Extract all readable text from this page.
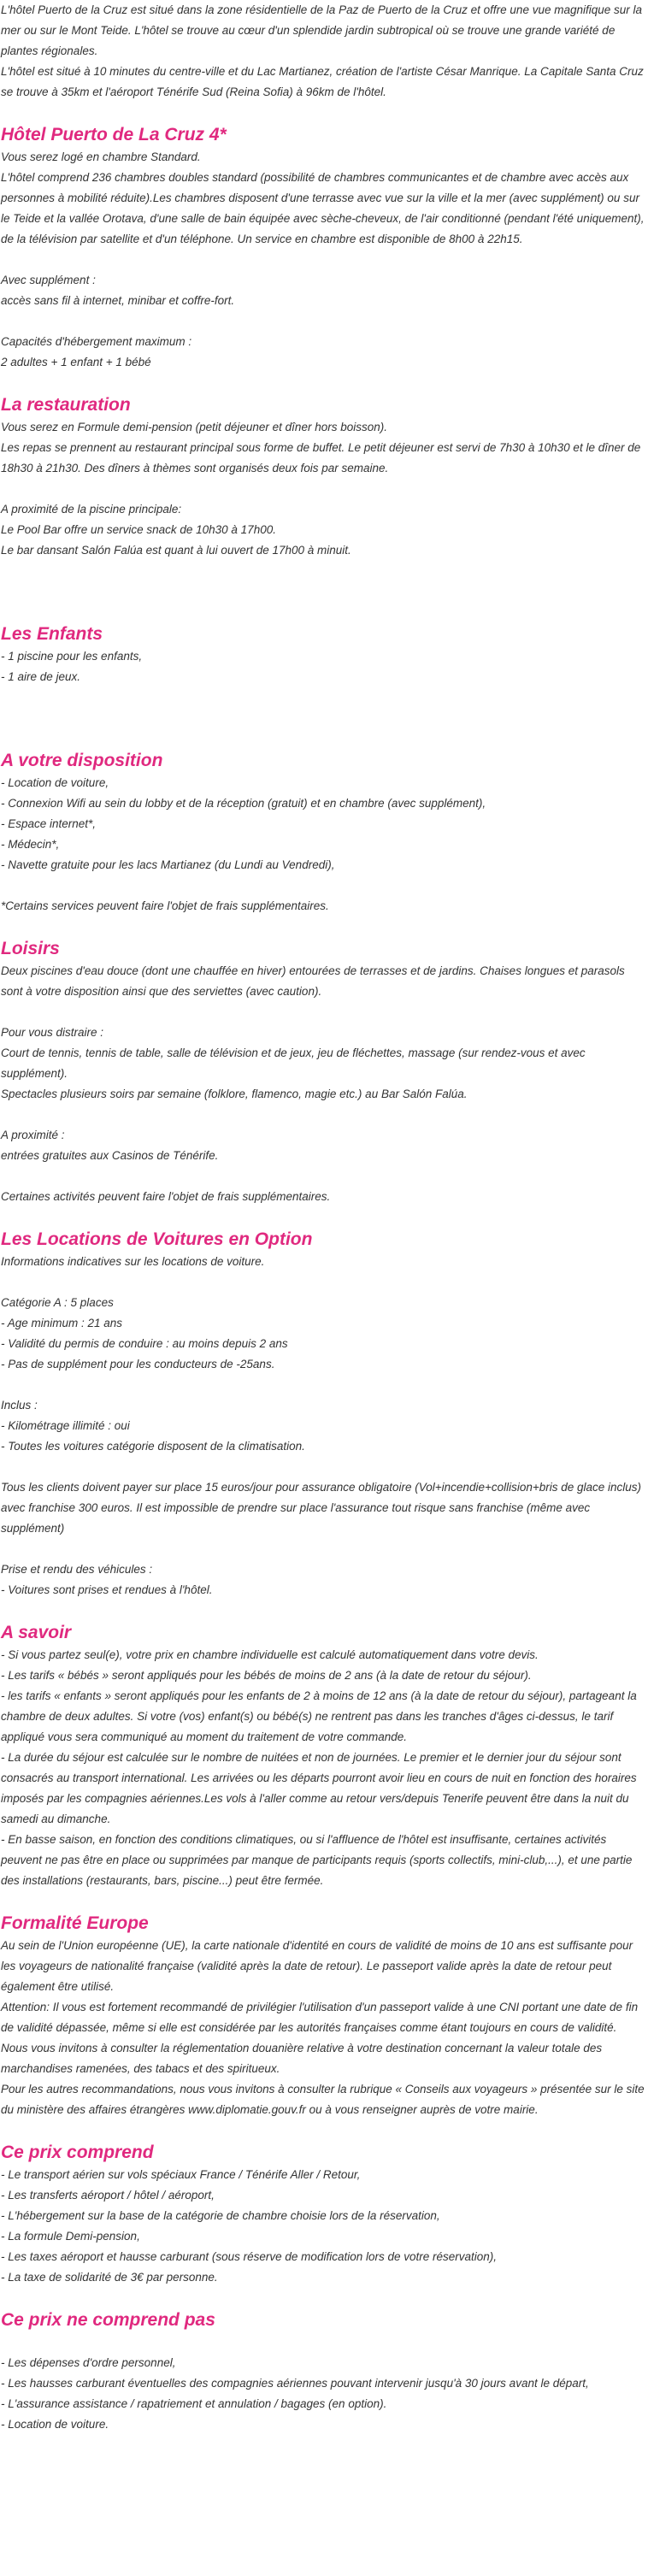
L'hôtel Puerto de la Cruz est situé dans la zone résidentielle de la Paz de Puerto de la Cruz et offre une vue magnifique sur la mer ou sur le Mont Teide. L'hôtel se trouve au cœur d'un splendide jardin subtropical où se trouve une grande variété de plantes régionales.
L'hôtel est situé à 10 minutes du centre-ville et du Lac Martianez, création de l'artiste César Manrique. La Capitale Santa Cruz se trouve à 35km et l'aéroport Ténérife Sud (Reina Sofia) à 96km de l'hôtel.

Hôtel Puerto de La Cruz 4*

Vous serez logé en chambre Standard.
L'hôtel comprend 236 chambres doubles standard (possibilité de chambres communicantes et de chambre avec accès aux personnes à mobilité réduite).Les chambres disposent d'une terrasse avec vue sur la ville et la mer (avec supplément) ou sur le Teide et la vallée Orotava, d'une salle de bain équipée avec sèche-cheveux, de l'air conditionné (pendant l'été uniquement), de la télévision par satellite et d'un téléphone. Un service en chambre est disponible de 8h00 à 22h15.

Avec supplément :
accès sans fil à internet, minibar et coffre-fort.

Capacités d'hébergement maximum :
2 adultes + 1 enfant + 1 bébé

La restauration

Vous serez en Formule demi-pension (petit déjeuner et dîner hors boisson).
Les repas se prennent au restaurant principal sous forme de buffet. Le petit déjeuner est servi de 7h30 à 10h30 et le dîner de 18h30 à 21h30. Des dîners à thèmes sont organisés deux fois par semaine.

A proximité de la piscine principale:
Le Pool Bar offre un service snack de 10h30 à 17h00.
Le bar dansant Salón Falúa est quant à lui ouvert de 17h00 à minuit.

Les Enfants

- 1 piscine pour les enfants,
- 1 aire de jeux.

A votre disposition

- Location de voiture,
- Connexion Wifi au sein du lobby et de la réception (gratuit) et en chambre (avec supplément),
- Espace internet*,
- Médecin*,
- Navette gratuite pour les lacs Martianez (du Lundi au Vendredi),

*Certains services peuvent faire l'objet de frais supplémentaires.

Loisirs

Deux piscines d'eau douce (dont une chauffée en hiver) entourées de terrasses et de jardins. Chaises longues et parasols sont à votre disposition ainsi que des serviettes (avec caution).

Pour vous distraire :
Court de tennis, tennis de table, salle de télévision et de jeux, jeu de fléchettes, massage (sur rendez-vous et avec supplément).
Spectacles plusieurs soirs par semaine (folklore, flamenco, magie etc.) au Bar Salón Falúa.

A proximité :
entrées gratuites aux Casinos de Ténérife.

Certaines activités peuvent faire l'objet de frais supplémentaires.

Les Locations de Voitures en Option

Informations indicatives sur les locations de voiture.

Catégorie A : 5 places
- Age minimum : 21 ans
- Validité du permis de conduire : au moins depuis 2 ans
- Pas de supplément pour les conducteurs de -25ans.

Inclus :
- Kilométrage illimité : oui
- Toutes les voitures catégorie disposent de la climatisation.

Tous les clients doivent payer sur place 15 euros/jour pour assurance obligatoire (Vol+incendie+collision+bris de glace inclus) avec franchise 300 euros. Il est impossible de prendre sur place l'assurance tout risque sans franchise (même avec supplément)

Prise et rendu des véhicules :
- Voitures sont prises et rendues à l'hôtel.

A savoir

- Si vous partez seul(e), votre prix en chambre individuelle est calculé automatiquement dans votre devis.
- Les tarifs « bébés » seront appliqués pour les bébés de moins de 2 ans (à la date de retour du séjour).
- les tarifs « enfants » seront appliqués pour les enfants de 2 à moins de 12 ans (à la date de retour du séjour), partageant la chambre de deux adultes. Si votre (vos) enfant(s) ou bébé(s) ne rentrent pas dans les tranches d'âges ci-dessus, le tarif appliqué vous sera communiqué au moment du traitement de votre commande.
- La durée du séjour est calculée sur le nombre de nuitées et non de journées. Le premier et le dernier jour du séjour sont consacrés au transport international. Les arrivées ou les départs pourront avoir lieu en cours de nuit en fonction des horaires imposés par les compagnies aériennes.Les vols à l'aller comme au retour vers/depuis Tenerife peuvent être dans la nuit du samedi au dimanche.
- En basse saison, en fonction des conditions climatiques, ou si l'affluence de l'hôtel est insuffisante, certaines activités peuvent ne pas être en place ou supprimées par manque de participants requis (sports collectifs, mini-club,...), et une partie des installations (restaurants, bars, piscine...) peut être fermée.

Formalité Europe

Au sein de l'Union européenne (UE), la carte nationale d'identité en cours de validité de moins de 10 ans est suffisante pour les voyageurs de nationalité française (validité après la date de retour). Le passeport valide après la date de retour peut également être utilisé.
Attention: Il vous est fortement recommandé de privilégier l'utilisation d'un passeport valide à une CNI portant une date de fin de validité dépassée, même si elle est considérée par les autorités françaises comme étant toujours en cours de validité.
Nous vous invitons à consulter la réglementation douanière relative à votre destination concernant la valeur totale des marchandises ramenées, des tabacs et des spiritueux.
Pour les autres recommandations, nous vous invitons à consulter la rubrique « Conseils aux voyageurs » présentée sur le site du ministère des affaires étrangères www.diplomatie.gouv.fr ou à vous renseigner auprès de votre mairie.

Ce prix comprend

- Le transport aérien sur vols spéciaux France / Ténérife Aller / Retour,
- Les transferts aéroport / hôtel / aéroport,
- L'hébergement sur la base de la catégorie de chambre choisie lors de la réservation,
- La formule Demi-pension,
- Les taxes aéroport et hausse carburant (sous réserve de modification lors de votre réservation),
- La taxe de solidarité de 3€ par personne.

Ce prix ne comprend pas

- Les dépenses d'ordre personnel,
- Les hausses carburant éventuelles des compagnies aériennes pouvant intervenir jusqu'à 30 jours avant le départ,
- L'assurance assistance / rapatriement et annulation / bagages (en option).
- Location de voiture.
